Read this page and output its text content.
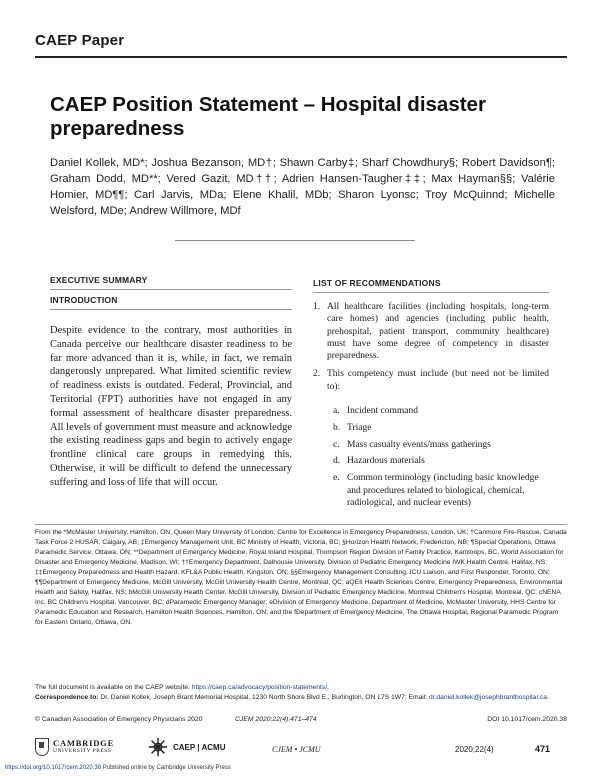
CAEP Paper
CAEP Position Statement – Hospital disaster preparedness

Daniel Kollek, MD*; Joshua Bezanson, MD†; Shawn Carby‡; Sharf Chowdhury§; Robert Davidson¶; Graham Dodd, MD**; Vered Gazit, MD††; Adrien Hansen-Taugher‡‡; Max Hayman§§; Valérie Homier, MD¶¶; Carl Jarvis, MDa; Elene Khalil, MDb; Sharon Lyonsc; Troy McQuinnd; Michelle Welsford, MDe; Andrew Willmore, MDf

EXECUTIVE SUMMARY
INTRODUCTION

Despite evidence to the contrary, most authorities in Canada perceive our healthcare disaster readiness to be far more advanced than it is, while, in fact, we remain dangerously unprepared. What limited scientific review of readiness exists is outdated. Federal, Provincial, and Territorial (FPT) authorities have not engaged in any formal assessment of healthcare disaster preparedness. All levels of government must measure and acknowledge the existing readiness gaps and begin to actively engage frontline clinical care groups in remedying this. Otherwise, it will be difficult to defend the unnecessary suffering and loss of life that will occur.

LIST OF RECOMMENDATIONS
1. All healthcare facilities (including hospitals, long-term care homes) and agencies (including public health, prehospital, patient transport, community healthcare) must have some degree of competency in disaster preparedness.
2. This competency must include (but need not be limited to):
a. Incident command
b. Triage
c. Mass casualty events/mass gatherings
d. Hazardous materials
e. Common terminology (including basic knowledge and procedures related to biological, chemical, radiological, and nuclear events)

From the *McMaster University, Hamilton, ON, Queen Mary University of London, Centre for Excellence in Emergency Preparedness, London, UK; †Canmore Fire-Rescue, Canada Task Force 2 HUSAR, Calgary, AB; ‡Emergency Management Unit, BC Ministry of Health, Victoria, BC; §Horizon Health Network, Fredericton, NB; ¶Special Operations, Ottawa Paramedic Service, Ottawa, ON; **Department of Emergency Medicine, Royal Inland Hospital, Thompson Region Division of Family Practice, Kamloops, BC, World Association for Disaster and Emergency Medicine, Madison, WI; ††Emergency Department, Dalhousie University, Division of Pediatric Emergency Medicine IWK Health Centre, Halifax, NS; ‡‡Emergency Preparedness and Health Hazard, KFL&A Public Health, Kingston, ON; §§Emergency Management Consulting, ICU Liaison, and First Responder, Toronto, ON; ¶¶Department of Emergency Medicine, McGill University, McGill University Health Centre, Montreal, QC; aQEII Health Sciences Centre, Emergency Preparedness, Environmental Health and Safety, Halifax, NS; bMcGill University Health Center, McGill University, Division of Pediatric Emergency Medicine, Montreal Children's Hospital, Montreal, QC; cNENA Inc. BC Children's Hospital, Vancouver, BC; dParamedic Emergency Manager; eDivision of Emergency Medicine, Department of Medicine, McMaster University, HHS Centre for Paramedic Education and Research, Hamilton Health Sciences, Hamilton, ON; and the fDepartment of Emergency Medicine, The Ottawa Hospital, Regional Paramedic Program for Eastern Ontario, Ottawa, ON.

The full document is available on the CAEP website: https://caep.ca/advocacy/position-statements/.
Correspondence to: Dr. Daniel Kollek, Joseph Brant Memorial Hospital, 1230 North Shore Blvd E., Burlington, ON L7S 1W7; Email: dr.daniel.kollek@josephbranthospital.ca.
© Canadian Association of Emergency Physicians 2020	CJEM 2020;22(4):471–474	DOI 10.1017/cem.2020.38
CAMBRIDGE
UNIVERSITY PRESS	CAEP | ACMU	CJEM • JCMU	2020;22(4)	471
https://doi.org/10.1017/cem.2020.38 Published online by Cambridge University Press
